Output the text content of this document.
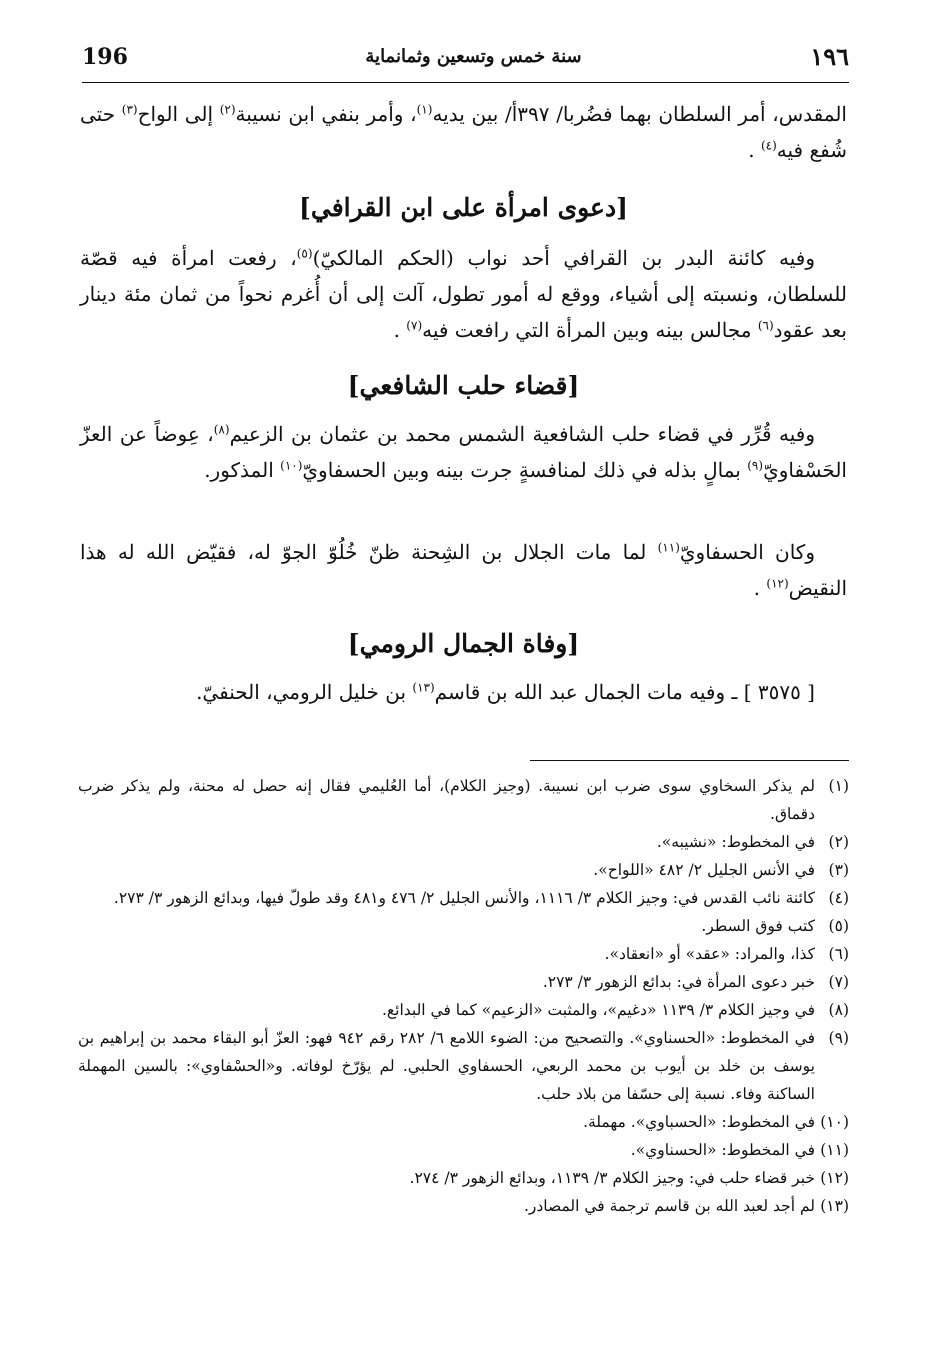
196	سنة خمس وتسعين وثمانماية	١٩٦

المقدس، أمر السلطان بهما فضُربا/ ٣٩٧أ/ بين يديه$^{(١)}$، وأمر بنفي ابن نسيبة$^{(٢)}$ إلى الواح$^{(٣)}$ حتى شُفع فيه$^{(٤)}$ .

[دعوى امرأة على ابن القرافي]

وفيه كائنة البدر بن القرافي أحد نواب (الحكم المالكيّ)$^{(٥)}$، رفعت امرأة فيه قصّة للسلطان، ونسبته إلى أشياء، ووقع له أمور تطول، آلت إلى أن أُغرم نحواً من ثمان مئة دينار بعد عقود$^{(٦)}$ مجالس بينه وبين المرأة التي رافعت فيه$^{(٧)}$ .

[قضاء حلب الشافعي]

وفيه قُرِّر في قضاء حلب الشافعية الشمس محمد بن عثمان بن الزعيم$^{(٨)}$، عِوضاً عن العزّ الحَسْفاويّ$^{(٩)}$ بمالٍ بذله في ذلك لمنافسةٍ جرت بينه وبين الحسفاويّ$^{(١٠)}$ المذكور.

وكان الحسفاويّ$^{(١١)}$ لما مات الجلال بن الشِحنة ظنّ خُلُوّ الجوّ له، فقيّض الله له هذا النقيض$^{(١٢)}$ .

[وفاة الجمال الرومي]

[ ٣٥٧٥ ] ـ وفيه مات الجمال عبد الله بن قاسم$^{(١٣)}$ بن خليل الرومي، الحنفيّ.

(١)
لم يذكر السخاوي سوى ضرب ابن نسيبة. (وجيز الكلام)، أما العُليمي فقال إنه حصل له محنة، ولم يذكر ضرب دقماق.
(٢)
في المخطوط: «نشيبه».
(٣)
في الأنس الجليل ٢/ ٤٨٢ «اللواح».
(٤)
كائنة نائب القدس في: وجيز الكلام ٣/ ١١١٦، والأنس الجليل ٢/ ٤٧٦ و٤٨١ وقد طولّ فيها، وبدائع الزهور ٣/ ٢٧٣.
(٥)
كتب فوق السطر.
(٦)
كذا، والمراد: «عقد» أو «انعقاد».
(٧)
خبر دعوى المرأة في: بدائع الزهور ٣/ ٢٧٣.
(٨)
في وجيز الكلام ٣/ ١١٣٩ «دغيم»، والمثبت «الزعيم» كما في البدائع.
(٩)
في المخطوط: «الحسناوي». والتصحيح من: الضوء اللامع ٦/ ٢٨٢ رقم ٩٤٢ فهو: العزّ أبو البقاء محمد بن إبراهيم بن يوسف بن خلد بن أيوب بن محمد الربعي، الحسفاوي الحلبي. لم يؤرّخ لوفاته. و«الحسْفاوي»: بالسين المهملة الساكنة وفاء. نسبة إلى حسّفا من بلاد حلب.
(١٠)
في المخطوط: «الحسباوي». مهملة.
(١١)
في المخطوط: «الحسناوي».
(١٢)
خبر قضاء حلب في: وجيز الكلام ٣/ ١١٣٩، وبدائع الزهور ٣/ ٢٧٤.
(١٣)
لم أجد لعبد الله بن قاسم ترجمة في المصادر.
